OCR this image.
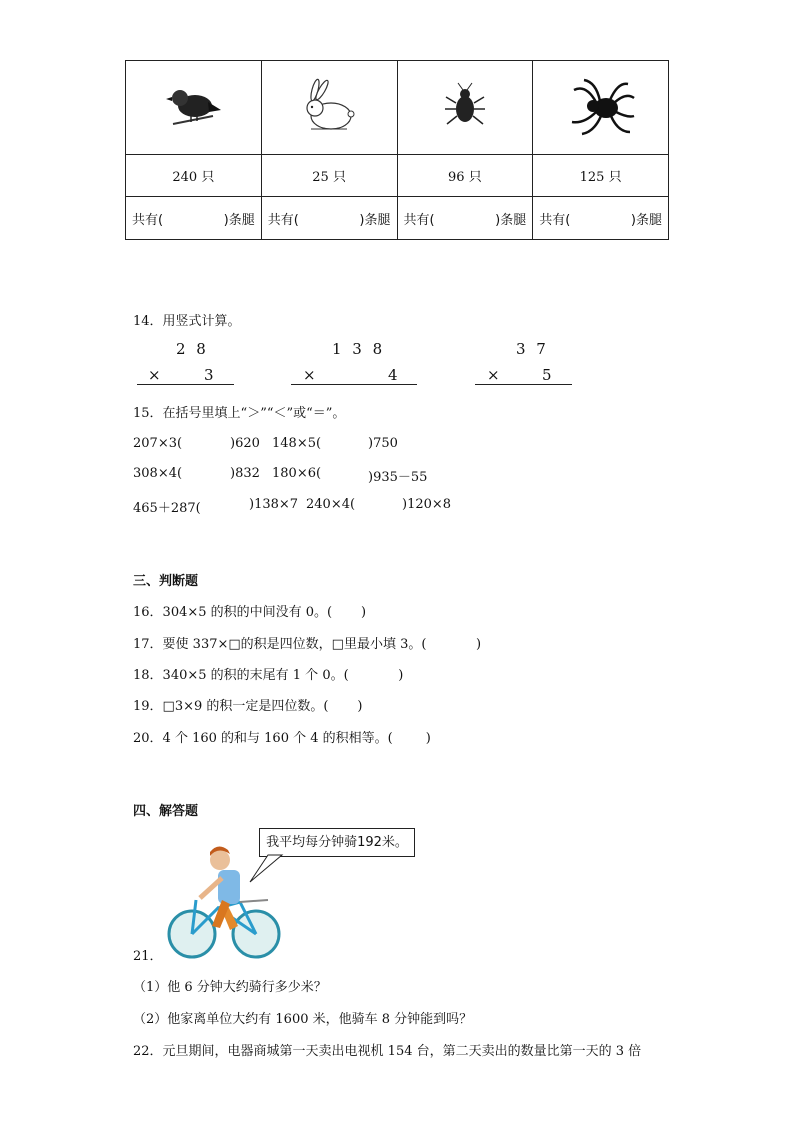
240 只	25 只	96 只	125 只

共有( )条腿	共有( )条腿	共有( )条腿	共有( )条腿
14．用竖式计算。
2 8
×	3
1 3 8
×	4
3 7
×	5
15．在括号里填上“＞”“＜”或“＝”。
207×3(	)620 148×5(	)750
308×4(	)832 180×6(	)935－55
465＋287(	)138×7 240×4(	)120×8
三、判断题
16．304×5 的积的中间没有 0。(       )
17．要使 337×□的积是四位数，□里最小填 3。(            )
18．340×5 的积的末尾有 1 个 0。(            )
19．□3×9 的积一定是四位数。(       )
20．4 个 160 的和与 160 个 4 的积相等。(        )
四、解答题
我平均每分钟骑192米。
21．
（1）他 6 分钟大约骑行多少米？
（2）他家离单位大约有 1600 米，他骑车 8 分钟能到吗？
22．元旦期间，电器商城第一天卖出电视机 154 台，第二天卖出的数量比第一天的 3 倍
